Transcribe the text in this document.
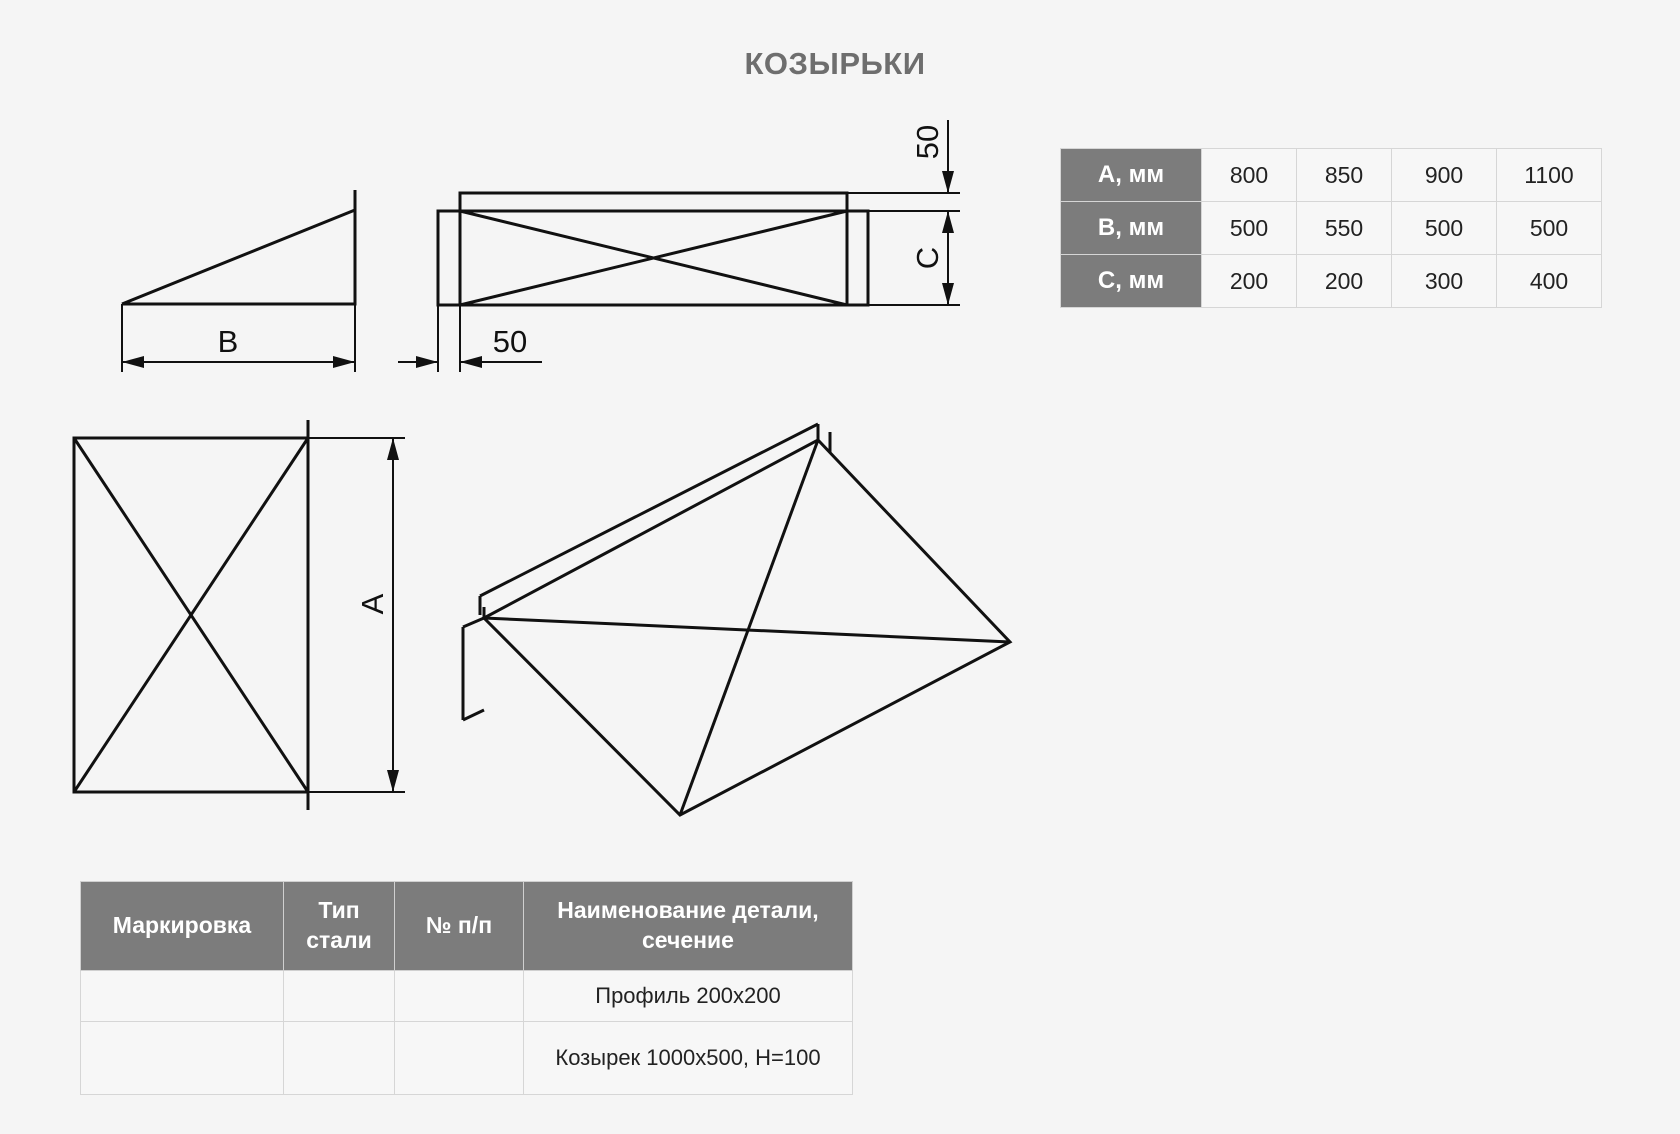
КОЗЫРЬКИ
B	50
50
C
A
A, мм	800	850	900	1100
B, мм	500	550	500	500
C, мм	200	200	300	400
Маркировка	Тип стали	№ п/п	Наименование детали, сечение
			Профиль 200x200
			Козырек 1000x500, H=100
